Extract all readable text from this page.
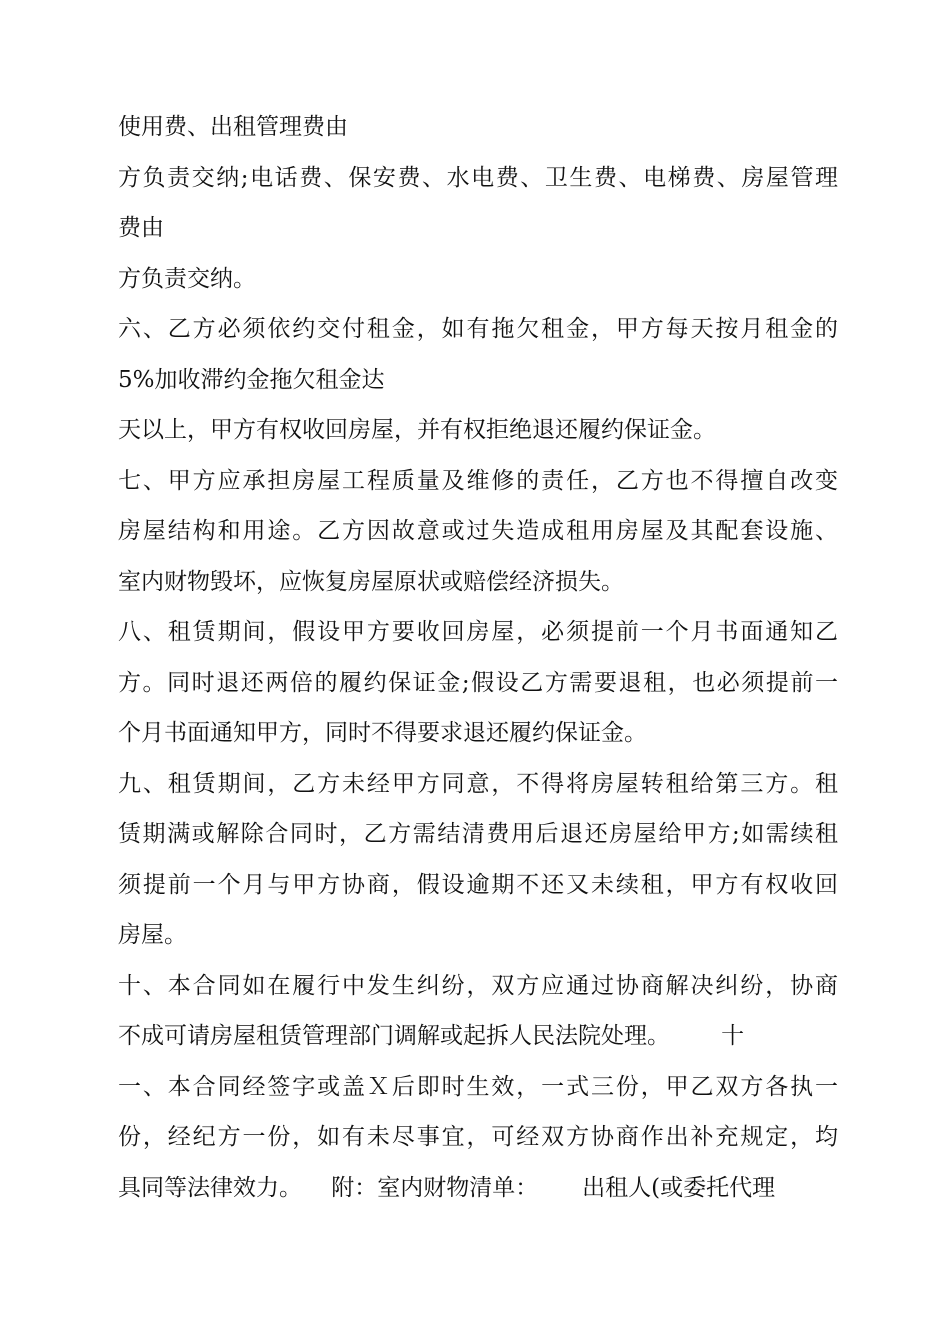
使用费、出租管理费由
方负责交纳;电话费、保安费、水电费、卫生费、电梯费、房屋管理
费由
方负责交纳。
六、乙方必须依约交付租金，如有拖欠租金，甲方每天按月租金的
5%加收滞约金拖欠租金达
天以上，甲方有权收回房屋，并有权拒绝退还履约保证金。
七、甲方应承担房屋工程质量及维修的责任，乙方也不得擅自改变
房屋结构和用途。乙方因故意或过失造成租用房屋及其配套设施、
室内财物毁坏，应恢复房屋原状或赔偿经济损失。
八、租赁期间，假设甲方要收回房屋，必须提前一个月书面通知乙
方。同时退还两倍的履约保证金;假设乙方需要退租，也必须提前一
个月书面通知甲方，同时不得要求退还履约保证金。
九、租赁期间，乙方未经甲方同意，不得将房屋转租给第三方。租
赁期满或解除合同时，乙方需结清费用后退还房屋给甲方;如需续租
须提前一个月与甲方协商，假设逾期不还又未续租，甲方有权收回
房屋。
十、本合同如在履行中发生纠纷，双方应通过协商解决纠纷，协商
不成可请房屋租赁管理部门调解或起拆人民法院处理。       十
一、本合同经签字或盖Ｘ后即时生效，一式三份，甲乙双方各执一
份，经纪方一份，如有未尽事宜，可经双方协商作出补充规定，均
具同等法律效力。    附：室内财物清单：      出租人(或委托代理
